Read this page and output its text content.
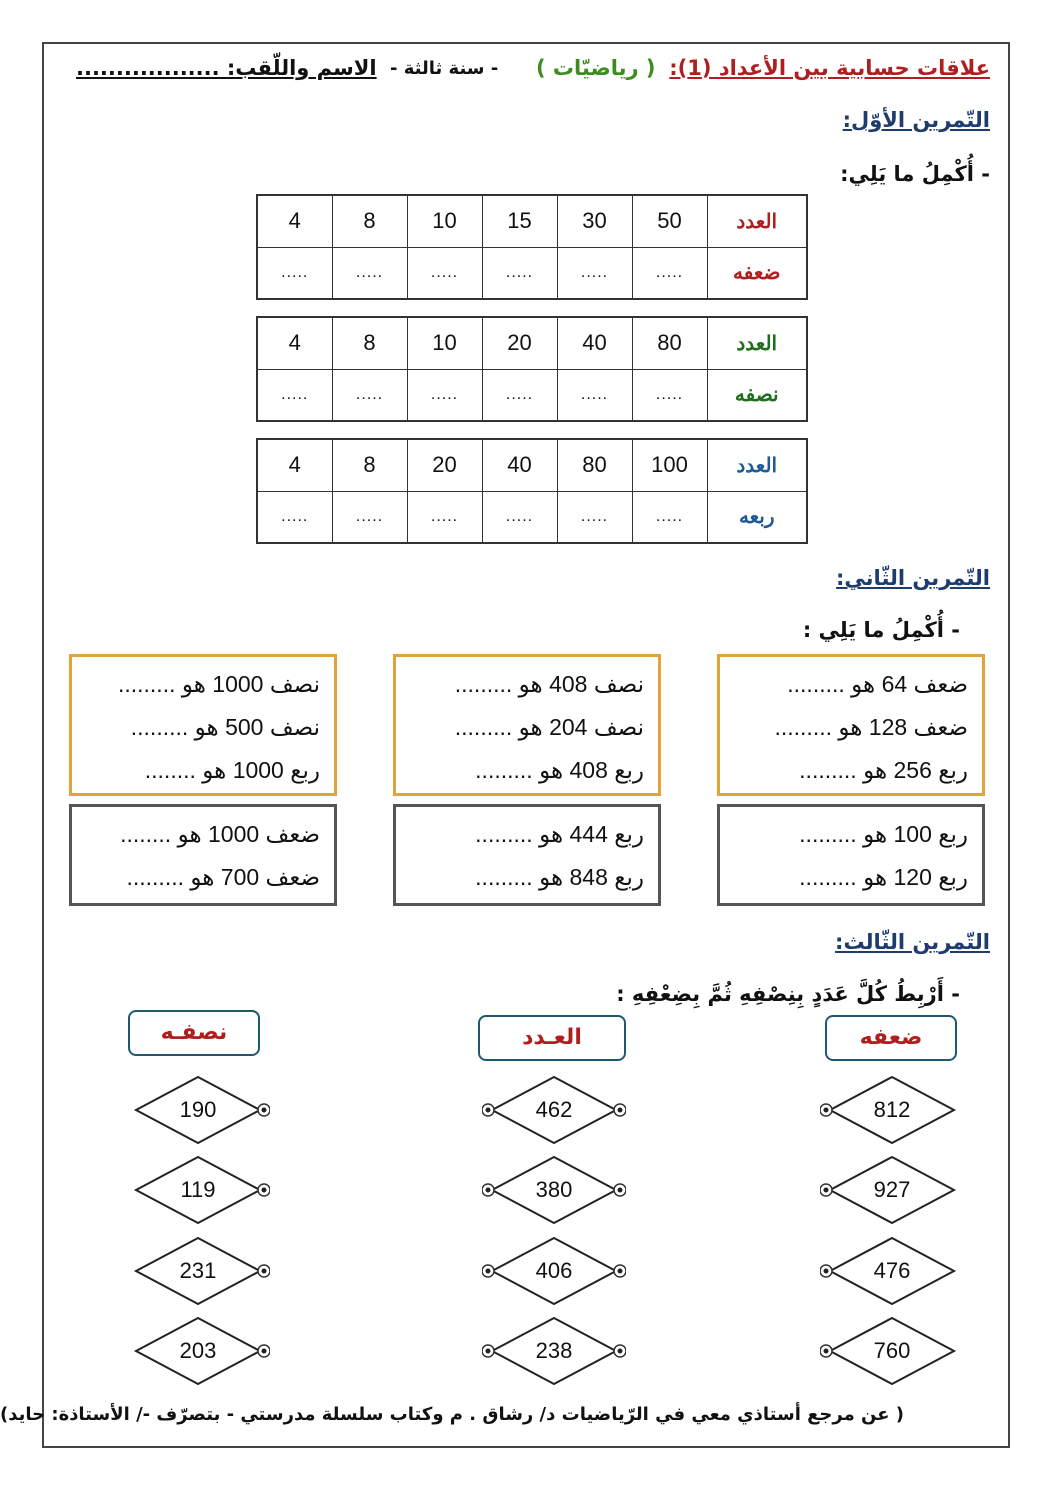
علاقات حسابية بين الأعداد (1):
( رياضيّات )
- سنة ثالثة -
الاسم واللّقب: ..................
التّمرين الأوّل:
- أُكْمِلُ ما يَلِي:
4	8	10	15	30	50	العدد
.....	.....	.....	.....	.....	.....	ضعفه
4	8	10	20	40	80	العدد
.....	.....	.....	.....	.....	.....	نصفه
4	8	20	40	80	100	العدد
.....	.....	.....	.....	.....	.....	ربعه
التّمرين الثّاني:
- أُكْمِلُ ما يَلِي :
ضعف 64 هو .........
ضعف 128 هو .........
ربع 256 هو .........
نصف 408 هو .........
نصف 204 هو .........
ربع 408 هو .........
نصف 1000 هو .........
نصف 500 هو .........
ربع 1000 هو ........
ربع 100 هو .........
ربع 120 هو .........
ربع 444 هو .........
ربع 848 هو .........
ضعف 1000 هو ........
ضعف 700 هو .........
التّمرين الثّالث:
- أَرْبِطُ كُلَّ عَدَدٍ بِنِصْفِهِ ثُمَّ بِضِعْفِهِ :
ضعفه
العـدد
نصفـه
812
927
476
760
462
380
406
238
190
119
231
203
( عن مرجع أستاذي معي في الرّياضيات د/ رشاق . م وكتاب سلسلة مدرستي - بتصرّف -/ الأستاذة: حايد)
